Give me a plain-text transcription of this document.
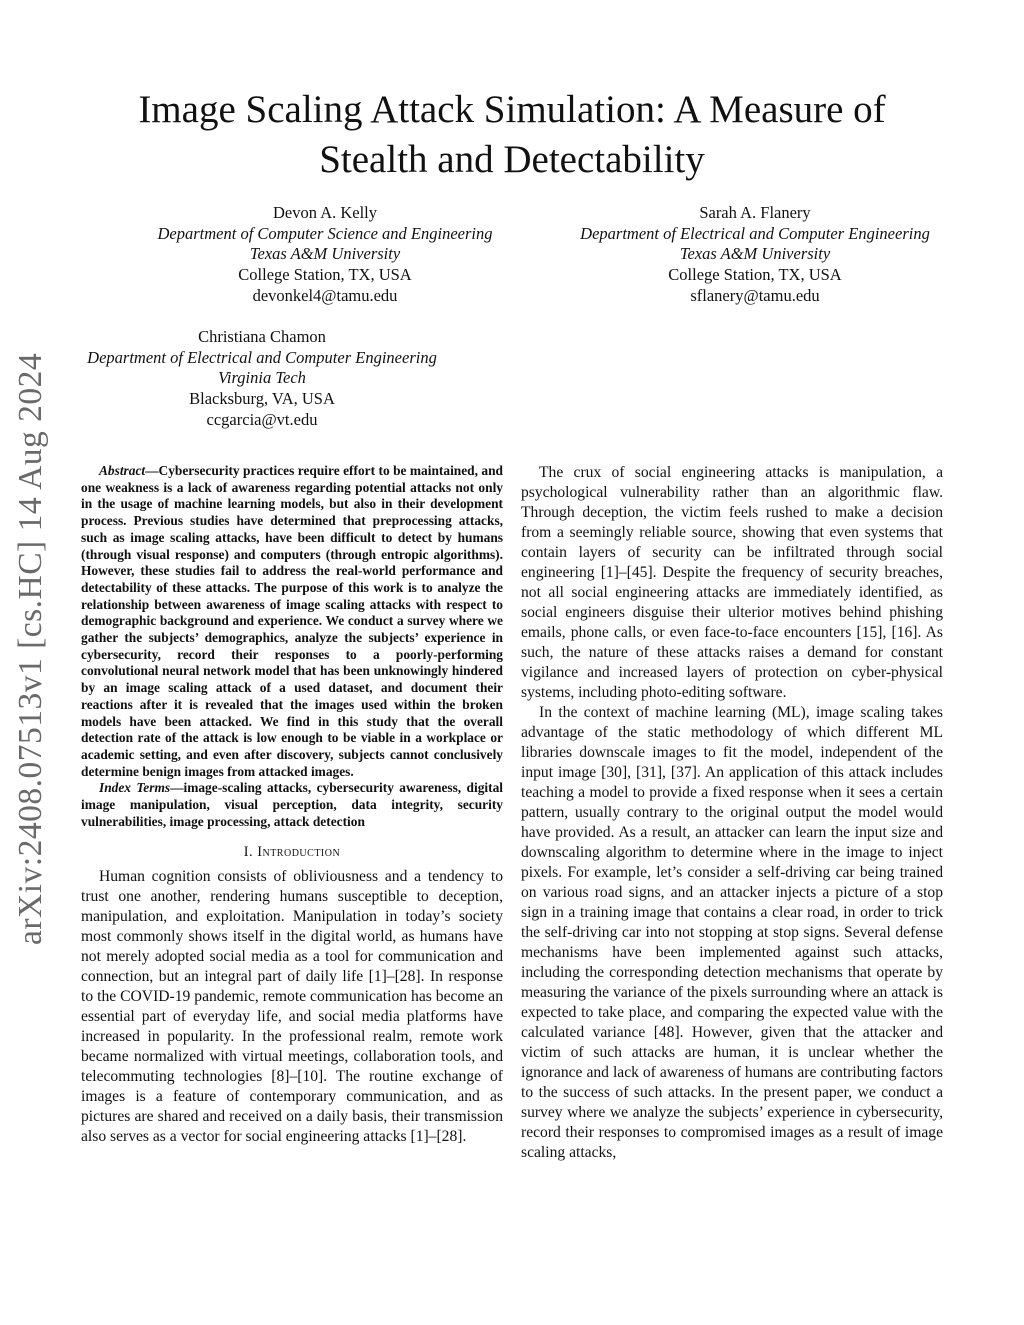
arXiv:2408.07513v1 [cs.HC] 14 Aug 2024
Image Scaling Attack Simulation: A Measure of Stealth and Detectability
Devon A. Kelly
Department of Computer Science and Engineering
Texas A&M University
College Station, TX, USA
devonkel4@tamu.edu
Sarah A. Flanery
Department of Electrical and Computer Engineering
Texas A&M University
College Station, TX, USA
sflanery@tamu.edu
Christiana Chamon
Department of Electrical and Computer Engineering
Virginia Tech
Blacksburg, VA, USA
ccgarcia@vt.edu

Abstract—Cybersecurity practices require effort to be maintained, and one weakness is a lack of awareness regarding potential attacks not only in the usage of machine learning models, but also in their development process. Previous studies have determined that preprocessing attacks, such as image scaling attacks, have been difficult to detect by humans (through visual response) and computers (through entropic algorithms). However, these studies fail to address the real-world performance and detectability of these attacks. The purpose of this work is to analyze the relationship between awareness of image scaling attacks with respect to demographic background and experience. We conduct a survey where we gather the subjects’ demographics, analyze the subjects’ experience in cybersecurity, record their responses to a poorly-performing convolutional neural network model that has been unknowingly hindered by an image scaling attack of a used dataset, and document their reactions after it is revealed that the images used within the broken models have been attacked. We find in this study that the overall detection rate of the attack is low enough to be viable in a workplace or academic setting, and even after discovery, subjects cannot conclusively determine benign images from attacked images.

Index Terms—image-scaling attacks, cybersecurity awareness, digital image manipulation, visual perception, data integrity, security vulnerabilities, image processing, attack detection

I. Introduction

Human cognition consists of obliviousness and a tendency to trust one another, rendering humans susceptible to deception, manipulation, and exploitation. Manipulation in today’s society most commonly shows itself in the digital world, as humans have not merely adopted social media as a tool for communication and connection, but an integral part of daily life [1]–[28]. In response to the COVID-19 pandemic, remote communication has become an essential part of everyday life, and social media platforms have increased in popularity. In the professional realm, remote work became normalized with virtual meetings, collaboration tools, and telecommuting technologies [8]–[10]. The routine exchange of images is a feature of contemporary communication, and as pictures are shared and received on a daily basis, their transmission also serves as a vector for social engineering attacks [1]–[28].

The crux of social engineering attacks is manipulation, a psychological vulnerability rather than an algorithmic flaw. Through deception, the victim feels rushed to make a decision from a seemingly reliable source, showing that even systems that contain layers of security can be infiltrated through social engineering [1]–[45]. Despite the frequency of security breaches, not all social engineering attacks are immediately identified, as social engineers disguise their ulterior motives behind phishing emails, phone calls, or even face-to-face encounters [15], [16]. As such, the nature of these attacks raises a demand for constant vigilance and increased layers of protection on cyber-physical systems, including photo-editing software.

In the context of machine learning (ML), image scaling takes advantage of the static methodology of which different ML libraries downscale images to fit the model, independent of the input image [30], [31], [37]. An application of this attack includes teaching a model to provide a fixed response when it sees a certain pattern, usually contrary to the original output the model would have provided. As a result, an attacker can learn the input size and downscaling algorithm to determine where in the image to inject pixels. For example, let’s consider a self-driving car being trained on various road signs, and an attacker injects a picture of a stop sign in a training image that contains a clear road, in order to trick the self-driving car into not stopping at stop signs. Several defense mechanisms have been implemented against such attacks, including the corresponding detection mechanisms that operate by measuring the variance of the pixels surrounding where an attack is expected to take place, and comparing the expected value with the calculated variance [48]. However, given that the attacker and victim of such attacks are human, it is unclear whether the ignorance and lack of awareness of humans are contributing factors to the success of such attacks. In the present paper, we conduct a survey where we analyze the subjects’ experience in cybersecurity, record their responses to compromised images as a result of image scaling attacks,
